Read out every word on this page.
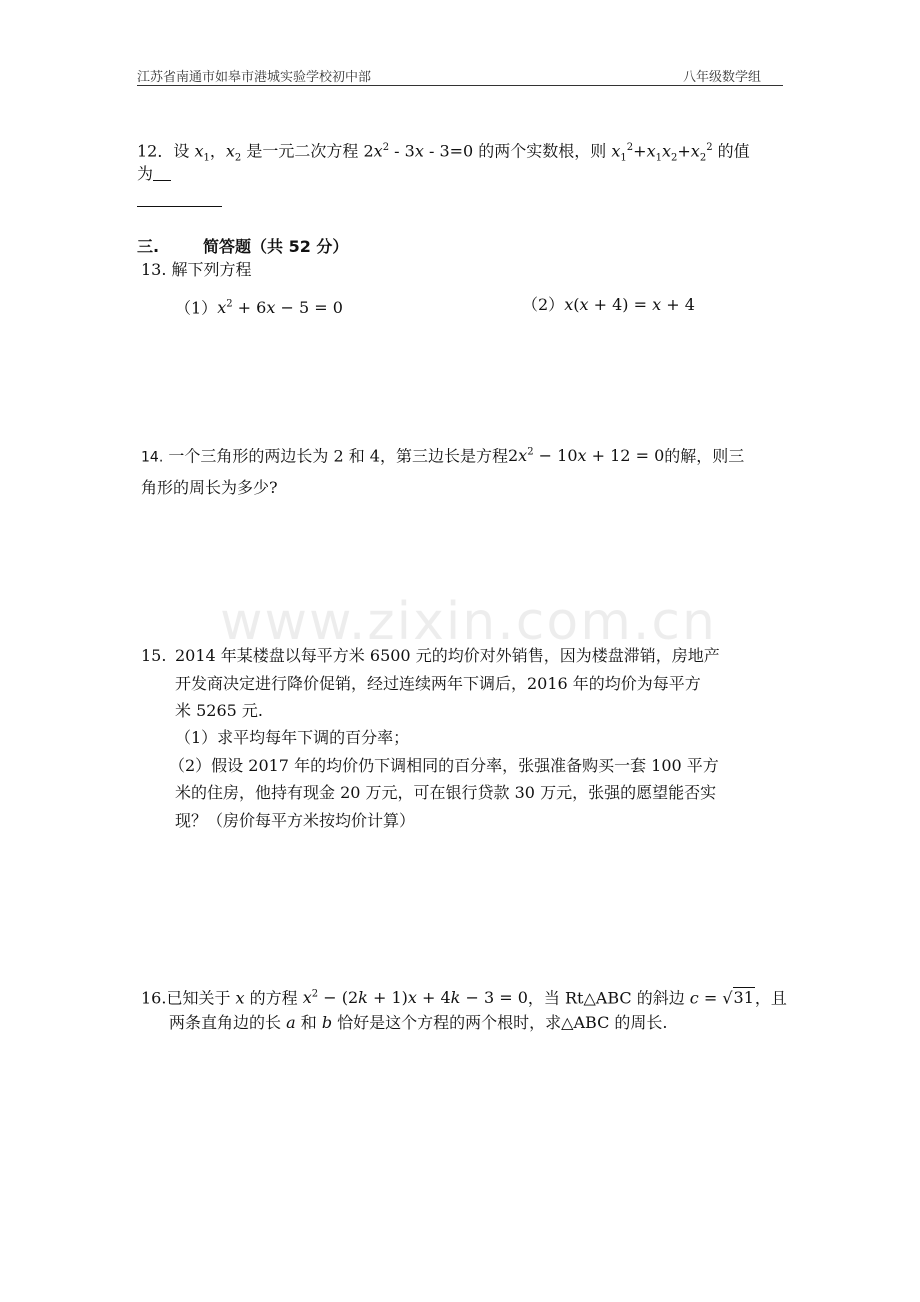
江苏省南通市如皋市港城实验学校初中部	八年级数学组
www.zixin.com.cn
12．设 $x_1$，$x_2$ 是一元二次方程 $2x^2 - 3x - 3=0$ 的两个实数根，则 $x_1^2+x_1x_2+x_2^2$ 的值
为
三.	简答题（共 52 分）
13. 解下列方程
$(1)x^2 + 6x - 5 = 0$	（2）x(x + 4) = x + 4
14. 一个三角形的两边长为 2 和 4，第三边长是方程$2x^2 - 10x + 12 = 0$的解，则三
角形的周长为多少?
15. 2014 年某楼盘以每平方米 6500 元的均价对外销售，因为楼盘滞销，房地产
开发商决定进行降价促销，经过连续两年下调后，2016 年的均价为每平方
米 5265 元.
（1）求平均每年下调的百分率；
（2）假设 2017 年的均价仍下调相同的百分率，张强准备购买一套 100 平方
米的住房，他持有现金 20 万元，可在银行贷款 30 万元，张强的愿望能否实
现？（房价每平方米按均价计算）
16.已知关于 x 的方程 $x^2 - (2k + 1)x + 4k - 3 = 0$，当 Rt△ABC 的斜边 c = √31，且
两条直角边的长 a 和 b 恰好是这个方程的两个根时，求△ABC 的周长.
